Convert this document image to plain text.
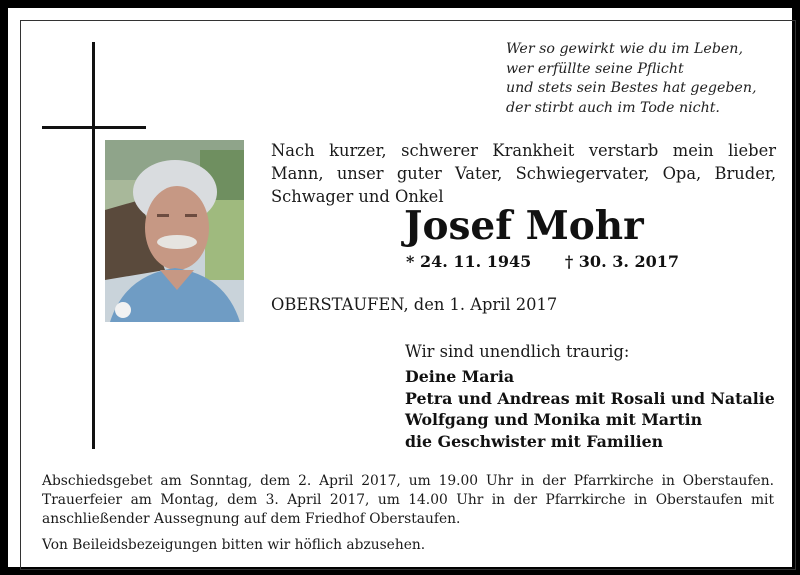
Wer so gewirkt wie du im Leben,
wer erfüllte seine Pflicht
und stets sein Bestes hat gegeben,
der stirbt auch im Tode nicht.
Nach kurzer, schwerer Krankheit verstarb mein lieber
Mann, unser guter Vater, Schwiegervater, Opa, Bruder,
Schwager und Onkel
Josef Mohr
* 24. 11. 1945 † 30. 3. 2017
OBERSTAUFEN, den 1. April 2017
Wir sind unendlich traurig:
Deine Maria
Petra und Andreas mit Rosali und Natalie
Wolfgang und Monika mit Martin
die Geschwister mit Familien
Abschiedsgebet am Sonntag, dem 2. April 2017, um 19.00 Uhr in der Pfarrkirche in Oberstaufen.
Trauerfeier am Montag, dem 3. April 2017, um 14.00 Uhr in der Pfarrkirche in Oberstaufen mit
anschließender Aussegnung auf dem Friedhof Oberstaufen.
Von Beileidsbezeigungen bitten wir höflich abzusehen.
